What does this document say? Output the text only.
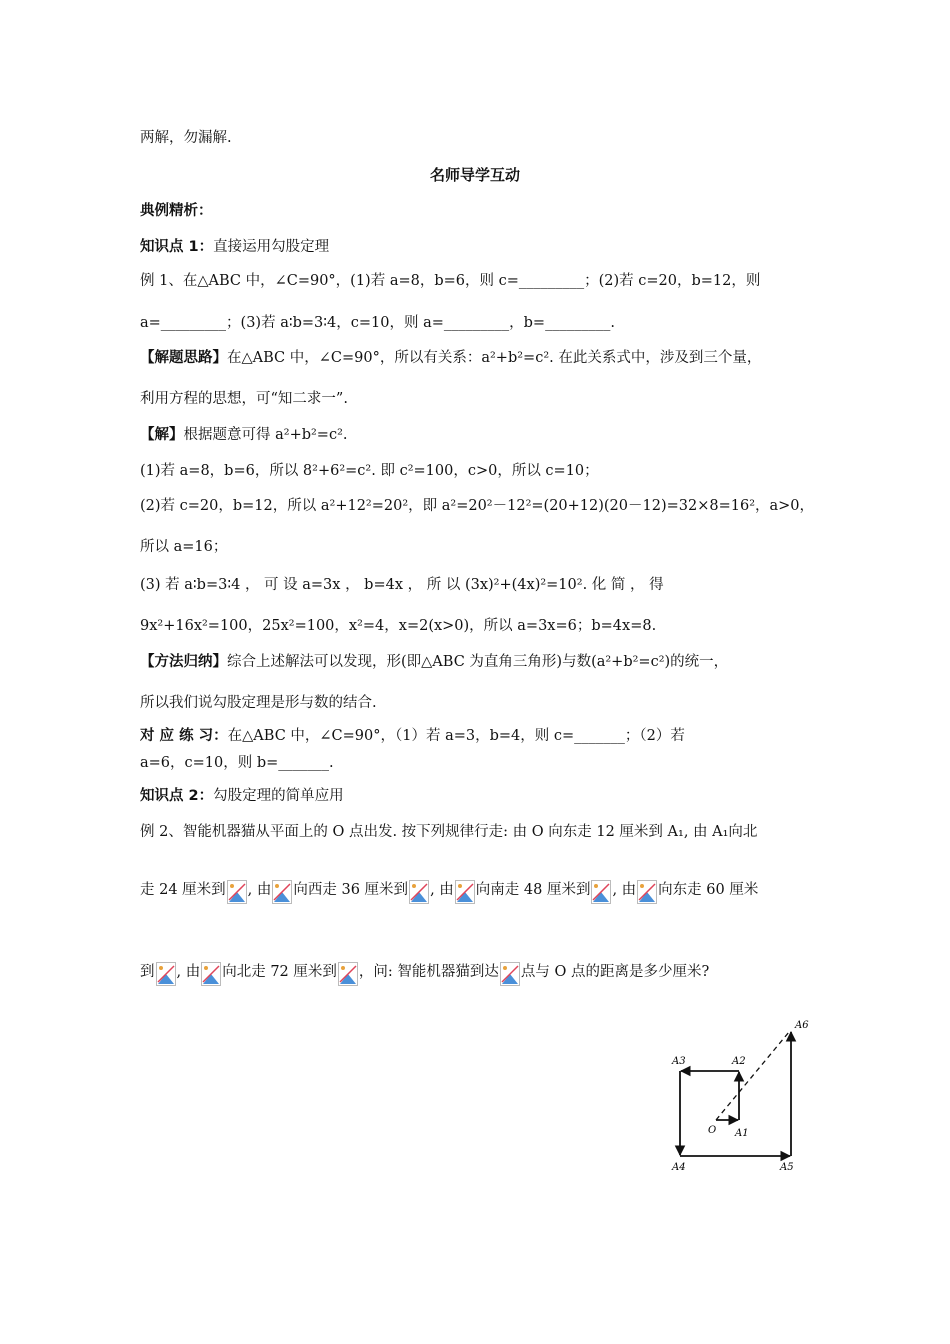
两解，勿漏解.
名师导学互动
典例精析：
知识点 1：直接运用勾股定理
例 1、在△ABC 中，∠C=90°，(1)若 a=8，b=6，则 c=_________；(2)若 c=20，b=12，则
a=_________；(3)若 a∶b=3∶4，c=10，则 a=_________，b=_________.
【解题思路】在△ABC 中，∠C=90°，所以有关系：a²+b²=c². 在此关系式中，涉及到三个量，
利用方程的思想，可“知二求一”.
【解】根据题意可得 a²+b²=c².
(1)若 a=8，b=6，所以 8²+6²=c². 即 c²=100，c>0，所以 c=10；
(2)若 c=20，b=12，所以 a²+12²=20²，即 a²=20²－12²=(20+12)(20－12)=32×8=16²，a>0，
所以 a=16；
(3) 若 a∶b=3∶4 ， 可 设 a=3x ， b=4x ， 所 以 (3x)²+(4x)²=10². 化 简 ， 得
9x²+16x²=100，25x²=100，x²=4，x=2(x>0)，所以 a=3x=6；b=4x=8.
【方法归纳】综合上述解法可以发现，形(即△ABC 为直角三角形)与数(a²+b²=c²)的统一，
所以我们说勾股定理是形与数的结合.
对 应 练 习：在△ABC 中，∠C=90°，（1）若 a=3，b=4，则 c=_______；（2）若
a=6，c=10，则 b=_______.
知识点 2：勾股定理的简单应用
例 2、智能机器猫从平面上的 O 点出发. 按下列规律行走: 由 O 向东走 12 厘米到 A₁, 由 A₁向北
走 24 厘米到 , 由 向西走 36 厘米到 , 由 向南走 48 厘米到 , 由 向东走 60 厘米
到 , 由 向北走 72 厘米到 ，问: 智能机器猫到达 点与 O 点的距离是多少厘米?
A6
A3	A2
O A1
A4	A5
